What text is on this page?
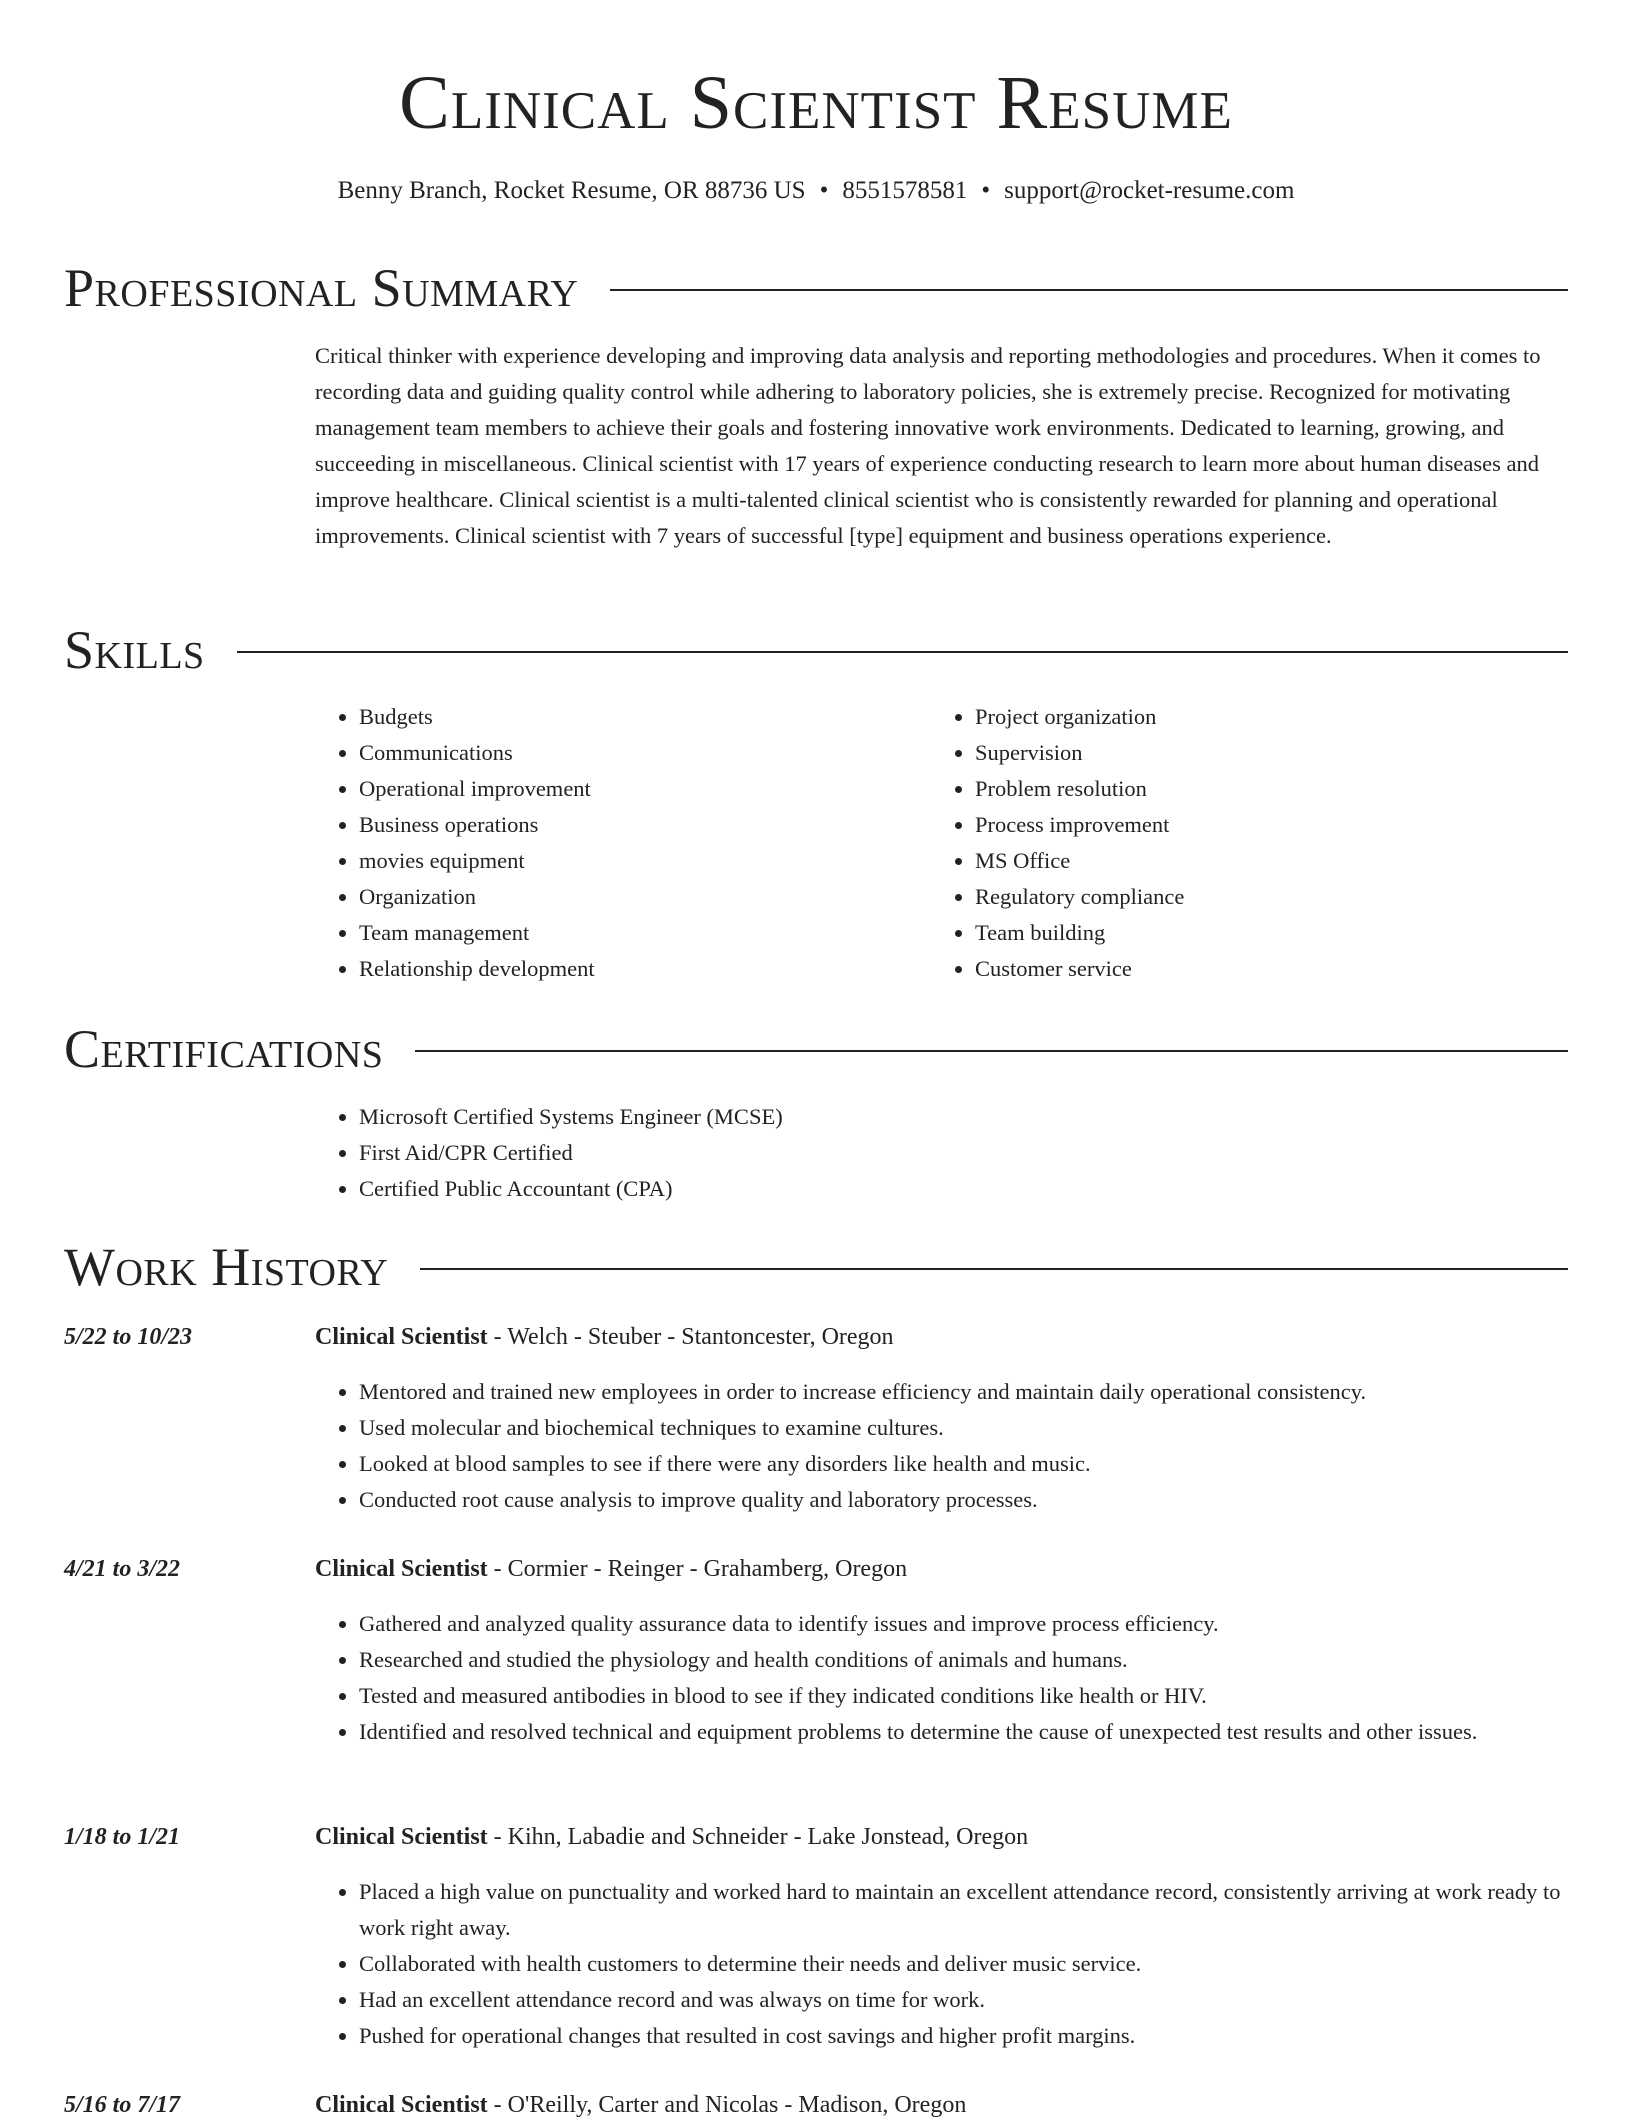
Clinical Scientist Resume
Benny Branch, Rocket Resume, OR 88736 US • 8551578581 • support@rocket-resume.com
Professional Summary

Critical thinker with experience developing and improving data analysis and reporting methodologies and procedures. When it comes to recording data and guiding quality control while adhering to laboratory policies, she is extremely precise. Recognized for motivating management team members to achieve their goals and fostering innovative work environments. Dedicated to learning, growing, and succeeding in miscellaneous. Clinical scientist with 17 years of experience conducting research to learn more about human diseases and improve healthcare. Clinical scientist is a multi-talented clinical scientist who is consistently rewarded for planning and operational improvements. Clinical scientist with 7 years of successful [type] equipment and business operations experience.

Skills
• Budgets
• Communications
• Operational improvement
• Business operations
• movies equipment
• Organization
• Team management
• Relationship development
• Project organization
• Supervision
• Problem resolution
• Process improvement
• MS Office
• Regulatory compliance
• Team building
• Customer service
Certifications
• Microsoft Certified Systems Engineer (MCSE)
• First Aid/CPR Certified
• Certified Public Accountant (CPA)
Work History
5/22 to 10/23	Clinical Scientist - Welch - Steuber - Stantoncester, Oregon
• Mentored and trained new employees in order to increase efficiency and maintain daily operational consistency.
• Used molecular and biochemical techniques to examine cultures.
• Looked at blood samples to see if there were any disorders like health and music.
• Conducted root cause analysis to improve quality and laboratory processes.
4/21 to 3/22	Clinical Scientist - Cormier - Reinger - Grahamberg, Oregon
• Gathered and analyzed quality assurance data to identify issues and improve process efficiency.
• Researched and studied the physiology and health conditions of animals and humans.
• Tested and measured antibodies in blood to see if they indicated conditions like health or HIV.
• Identified and resolved technical and equipment problems to determine the cause of unexpected test results and other issues.
1/18 to 1/21	Clinical Scientist - Kihn, Labadie and Schneider - Lake Jonstead, Oregon
• Placed a high value on punctuality and worked hard to maintain an excellent attendance record, consistently arriving at work ready to work right away.
• Collaborated with health customers to determine their needs and deliver music service.
• Had an excellent attendance record and was always on time for work.
• Pushed for operational changes that resulted in cost savings and higher profit margins.
5/16 to 7/17	Clinical Scientist - O'Reilly, Carter and Nicolas - Madison, Oregon
